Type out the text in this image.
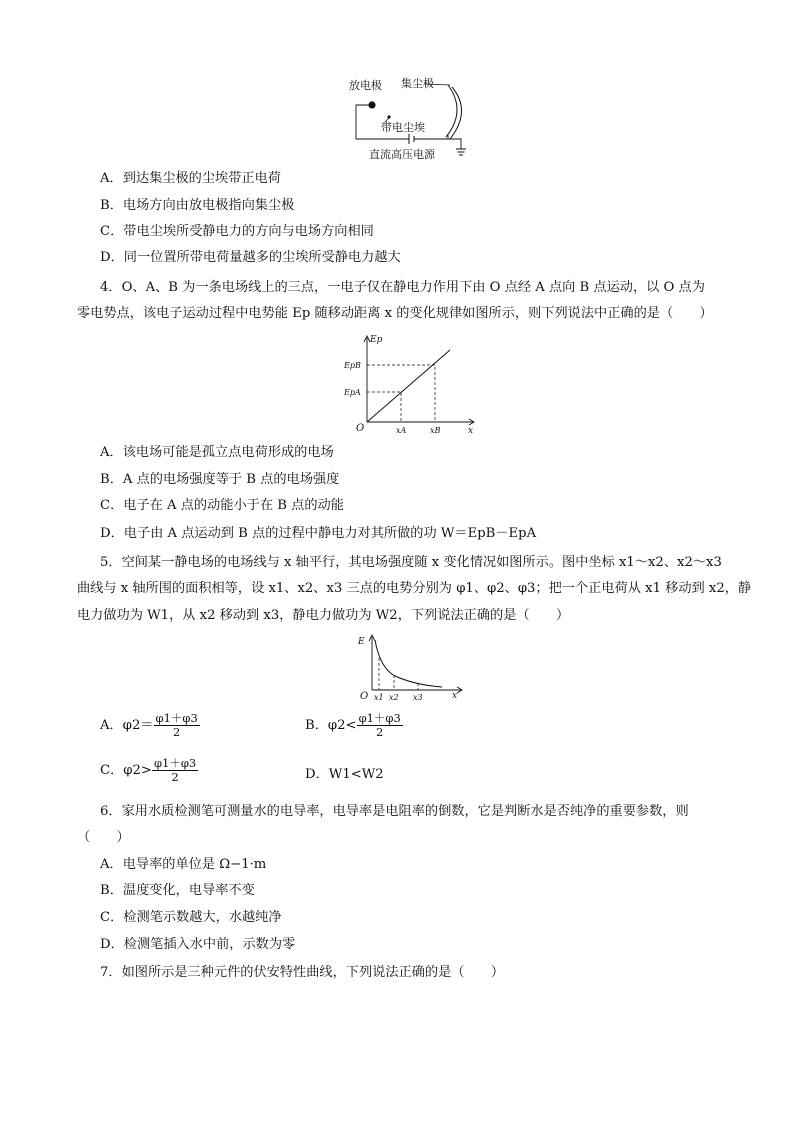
放电极 集尘极
带电尘埃
直流高压电源
A．到达集尘极的尘埃带正电荷
B．电场方向由放电极指向集尘极
C．带电尘埃所受静电力的方向与电场方向相同
D．同一位置所带电荷量越多的尘埃所受静电力越大
4．O、A、B 为一条电场线上的三点，一电子仅在静电力作用下由 O 点经 A 点向 B 点运动，以 O 点为
零电势点，该电子运动过程中电势能 Ep 随移动距离 x 的变化规律如图所示，则下列说法中正确的是（　　）
Ep
EpB
EpA
O	xA	xB	x
A．该电场可能是孤立点电荷形成的电场
B．A 点的电场强度等于 B 点的电场强度
C．电子在 A 点的动能小于在 B 点的动能
D．电子由 A 点运动到 B 点的过程中静电力对其所做的功 W＝EpB－EpA
5．空间某一静电场的电场线与 x 轴平行，其电场强度随 x 变化情况如图所示。图中坐标 x1～x2、x2～x3
曲线与 x 轴所围的面积相等，设 x1、x2、x3 三点的电势分别为 φ1、φ2、φ3；把一个正电荷从 x1 移动到 x2，静
电力做功为 W1，从 x2 移动到 x3，静电力做功为 W2，下列说法正确的是（　　）
E
O x1 x2 x3	x
A．$\varphi 2= \frac{\varphi 1+\varphi 3}{2}$	B．$\varphi 2< \frac{\varphi 1+\varphi 3}{2}$
C．$\varphi 2> \frac{\varphi 1+\varphi 3}{2}$	D．W1<W2
6．家用水质检测笔可测量水的电导率，电导率是电阻率的倒数，它是判断水是否纯净的重要参数，则
（　　）
A．电导率的单位是 Ω−1·m
B．温度变化，电导率不变
C．检测笔示数越大，水越纯净
D．检测笔插入水中前，示数为零
7．如图所示是三种元件的伏安特性曲线，下列说法正确的是（　　）
